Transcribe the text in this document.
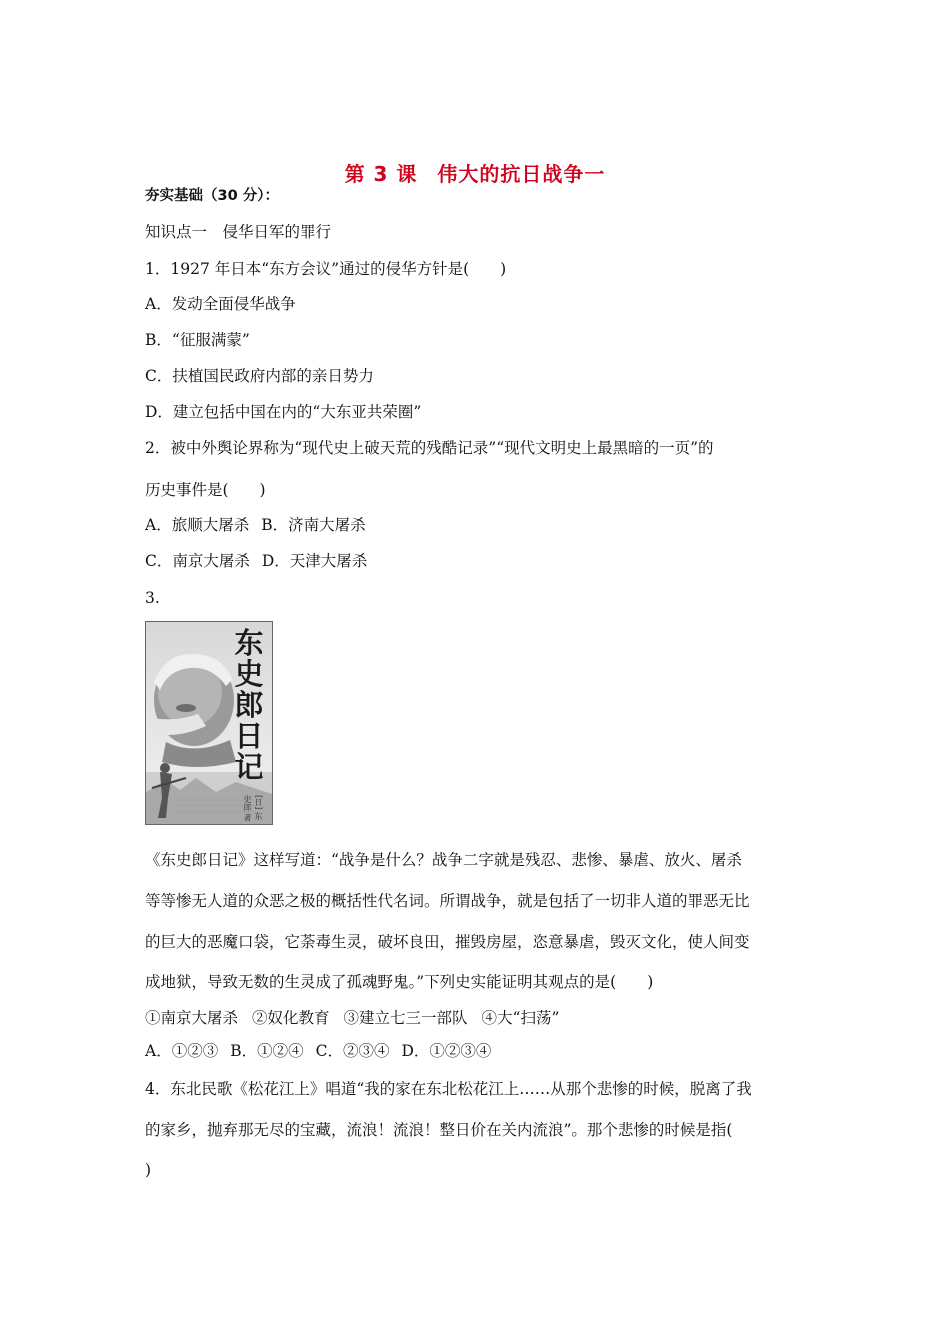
第 3 课 伟大的抗日战争一
夯实基础（30 分）：
知识点一　侵华日军的罪行
1．1927 年日本“东方会议”通过的侵华方针是(　　)
A．发动全面侵华战争
B．“征服满蒙”
C．扶植国民政府内部的亲日势力
D．建立包括中国在内的“大东亚共荣圈”
2．被中外舆论界称为“现代史上破天荒的残酷记录”“现代文明史上最黑暗的一页”的
历史事件是(　　)
A．旅顺大屠杀 B．济南大屠杀
C．南京大屠杀 D．天津大屠杀
3.
东史郎日记
[日] 东史郎 著
《东史郎日记》这样写道：“战争是什么？战争二字就是残忍、悲惨、暴虐、放火、屠杀
等等惨无人道的众恶之极的概括性代名词。所谓战争，就是包括了一切非人道的罪恶无比
的巨大的恶魔口袋，它荼毒生灵，破坏良田，摧毁房屋，恣意暴虐，毁灭文化，使人间变
成地狱，导致无数的生灵成了孤魂野鬼。”下列史实能证明其观点的是(　　)
①南京大屠杀 ②奴化教育 ③建立七三一部队 ④大“扫荡”
A．①②③ B．①②④ C．②③④ D．①②③④
4．东北民歌《松花江上》唱道“我的家在东北松花江上……从那个悲惨的时候，脱离了我
的家乡，抛弃那无尽的宝藏，流浪！流浪！整日价在关内流浪”。那个悲惨的时候是指(
)
